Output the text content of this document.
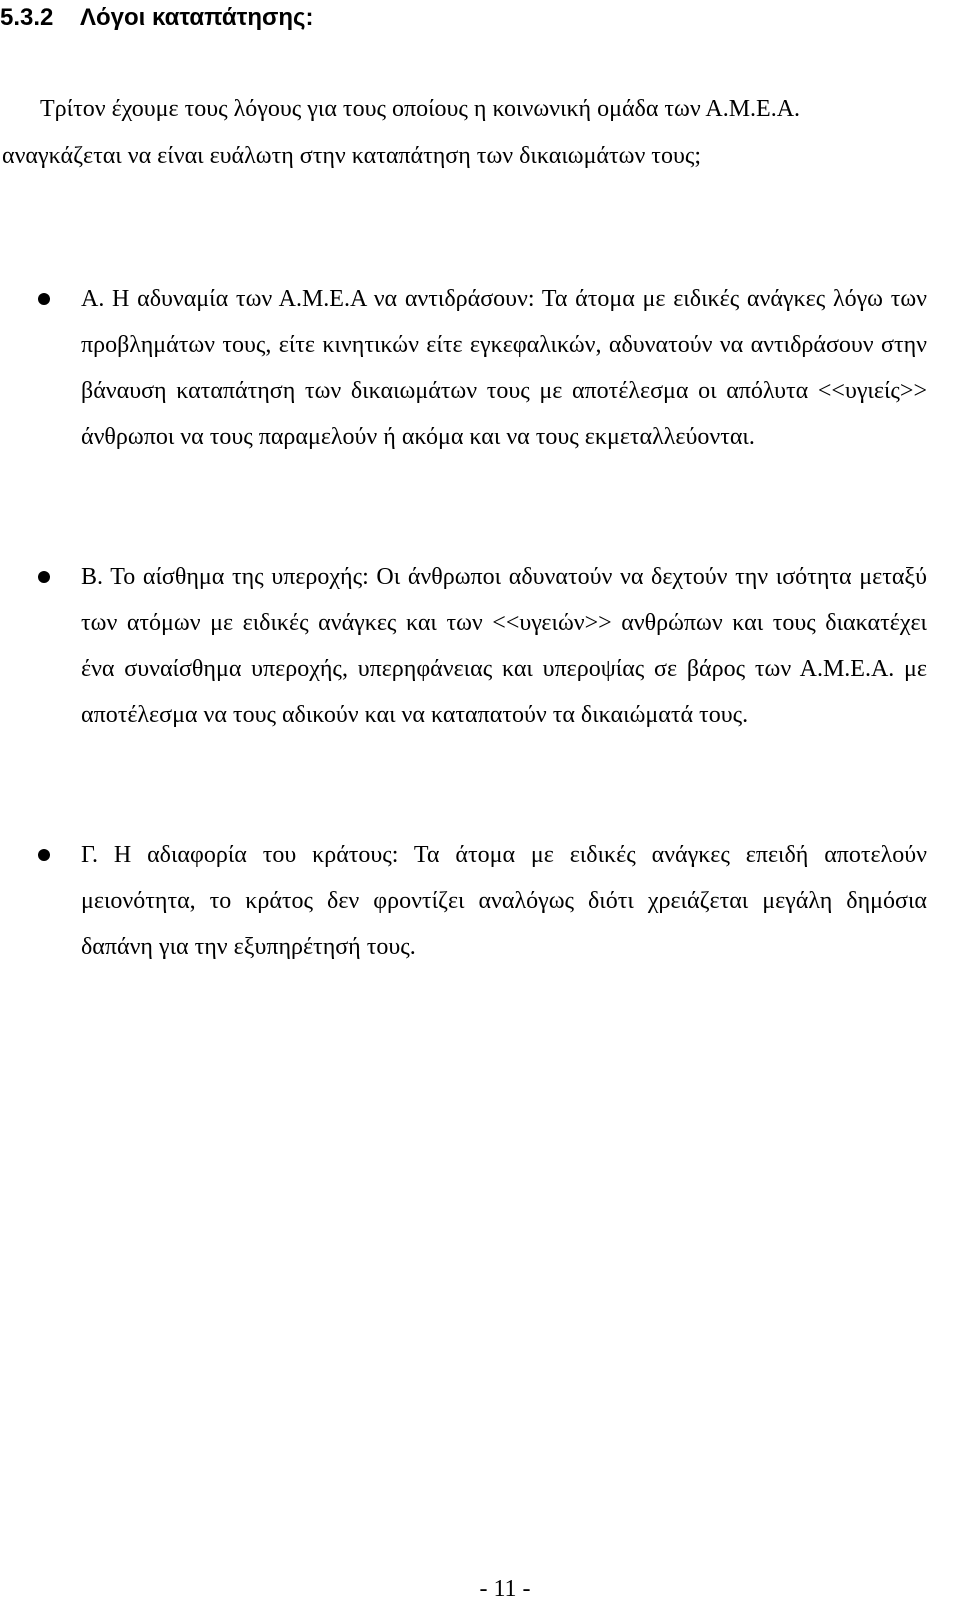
5.3.2 Λόγοι καταπάτησης:

Τρίτον έχουμε τους λόγους για τους οποίους η κοινωνική ομάδα των Α.Μ.Ε.Α.
αναγκάζεται να είναι ευάλωτη στην καταπάτηση των δικαιωμάτων τους;

Α. Η αδυναμία των Α.Μ.Ε.Α να αντιδράσουν: Τα άτομα με ειδικές ανάγκες λόγω των προβλημάτων τους, είτε κινητικών είτε εγκεφαλικών, αδυνατούν να αντιδράσουν στην βάναυση καταπάτηση των δικαιωμάτων τους με αποτέλεσμα οι απόλυτα <<υγιείς>> άνθρωποι να τους παραμελούν ή ακόμα και να τους εκμεταλλεύονται.

Β. Το αίσθημα της υπεροχής: Οι άνθρωποι αδυνατούν να δεχτούν την ισότητα μεταξύ των ατόμων με ειδικές ανάγκες και των <<υγειών>> ανθρώπων και τους διακατέχει ένα συναίσθημα υπεροχής, υπερηφάνειας και υπεροψίας σε βάρος των Α.Μ.Ε.Α. με αποτέλεσμα να τους αδικούν και να καταπατούν τα δικαιώματά τους.

Γ. Η αδιαφορία του κράτους: Τα άτομα με ειδικές ανάγκες επειδή αποτελούν μειονότητα, το κράτος δεν φροντίζει αναλόγως διότι χρειάζεται μεγάλη δημόσια δαπάνη για την εξυπηρέτησή τους.

- 11 -
